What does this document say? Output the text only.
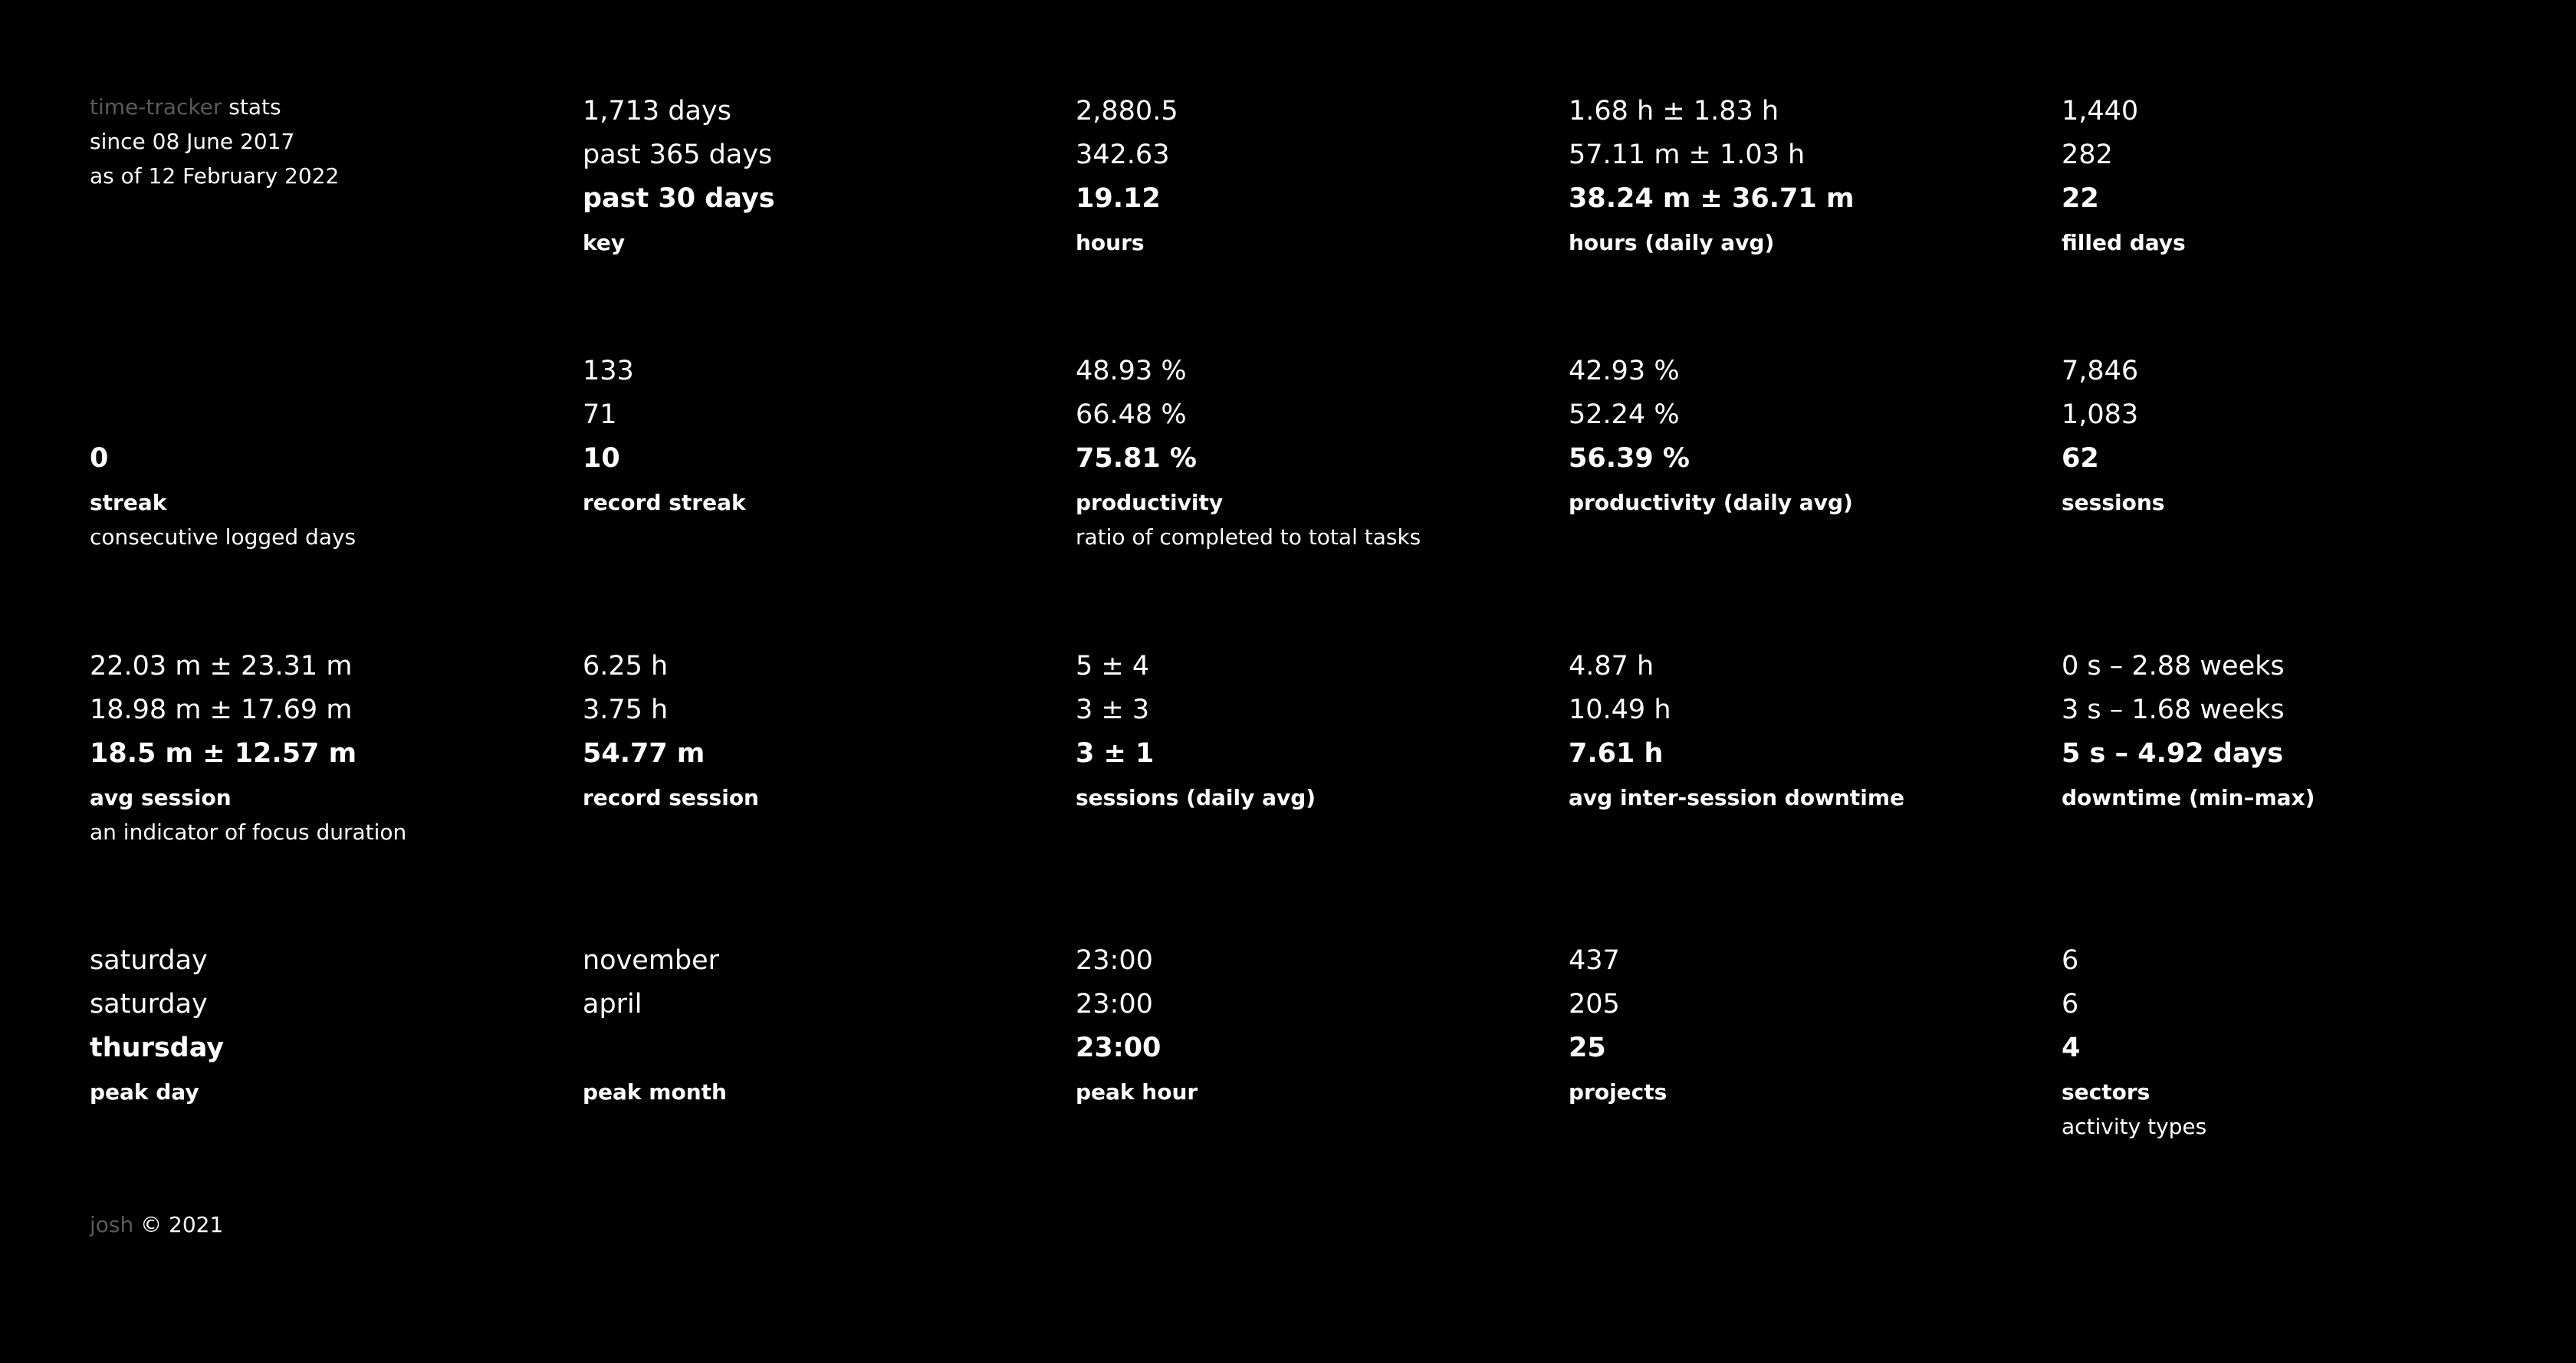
time-tracker stats
since 08 June 2017
as of 12 February 2022
1,713 days
past 365 days
past 30 days
key
2,880.5
342.63
19.12
hours
1.68 h ± 1.83 h
57.11 m ± 1.03 h
38.24 m ± 36.71 m
hours (daily avg)
1,440
282
22
filled days
0
streak
consecutive logged days
133
71
10
record streak
48.93 %
66.48 %
75.81 %
productivity
ratio of completed to total tasks
42.93 %
52.24 %
56.39 %
productivity (daily avg)
7,846
1,083
62
sessions
22.03 m ± 23.31 m
18.98 m ± 17.69 m
18.5 m ± 12.57 m
avg session
an indicator of focus duration
6.25 h
3.75 h
54.77 m
record session
5 ± 4
3 ± 3
3 ± 1
sessions (daily avg)
4.87 h
10.49 h
7.61 h
avg inter-session downtime
0 s – 2.88 weeks
3 s – 1.68 weeks
5 s – 4.92 days
downtime (min–max)
saturday
saturday
thursday
peak day
november
april
peak month
23:00
23:00
23:00
peak hour
437
205
25
projects
6
6
4
sectors
activity types
josh © 2021
